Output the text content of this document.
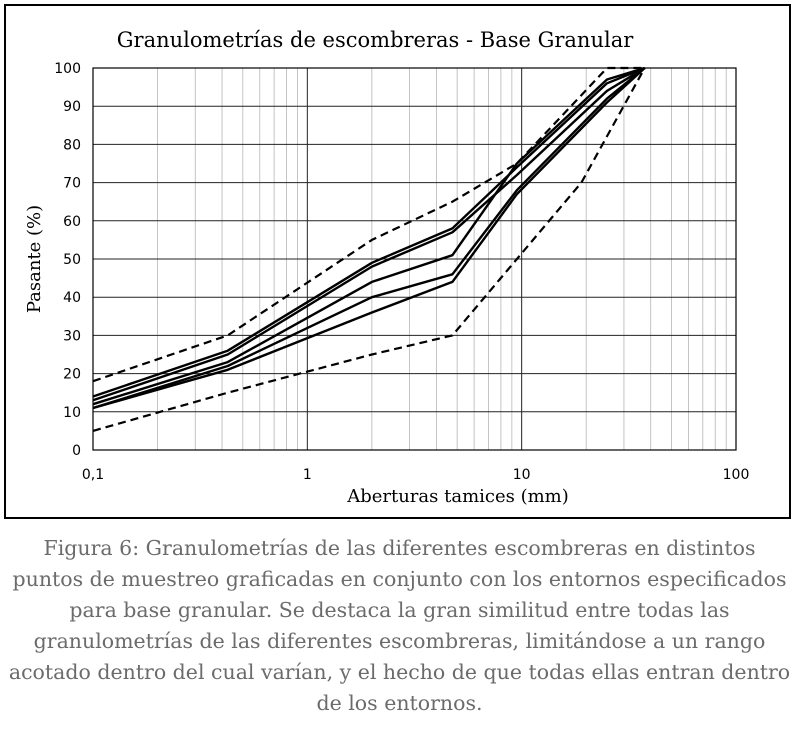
Granulometrías de escombreras - Base Granular
0
10
20
30
40
50
60
70
80
90
100
0,1	1	10	100
Aberturas tamices (mm)
Pasante (%)
Figura 6: Granulometrías de las diferentes escombreras en distintos puntos de muestreo graficadas en conjunto con los entornos especificados para base granular. Se destaca la gran similitud entre todas las granulometrías de las diferentes escombreras, limitándose a un rango acotado dentro del cual varían, y el hecho de que todas ellas entran dentro de los entornos.
